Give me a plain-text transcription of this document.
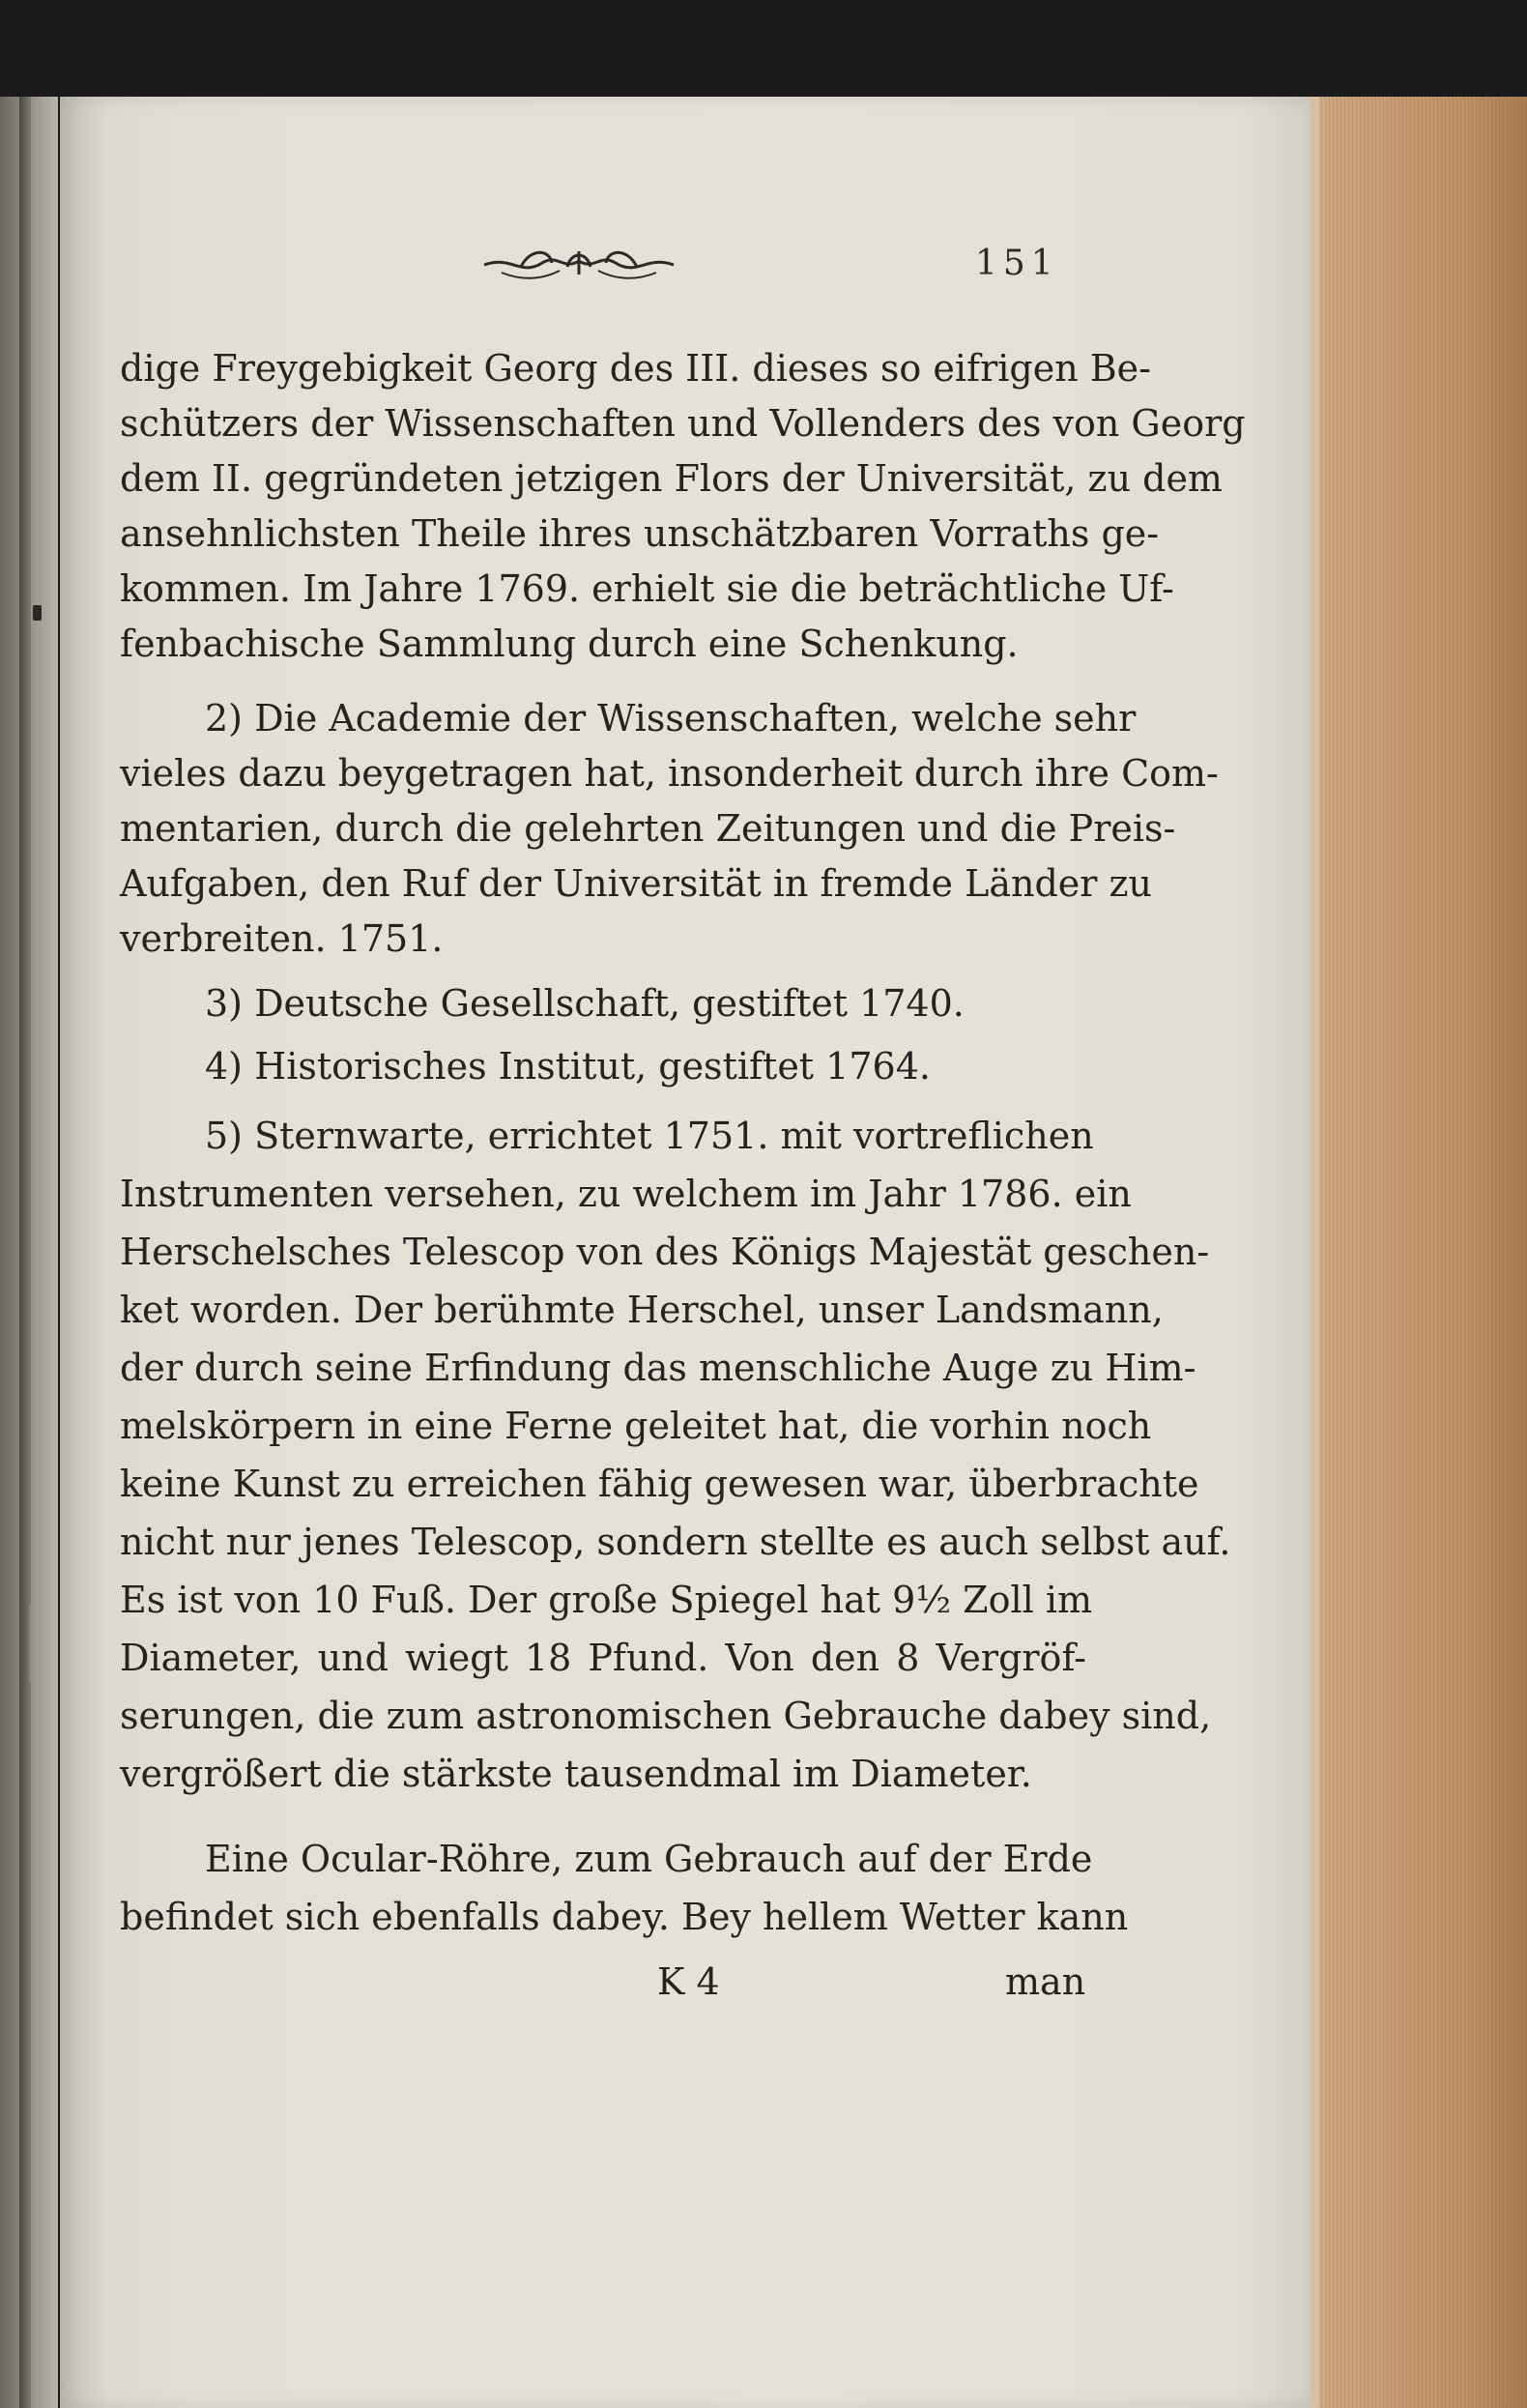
151
dige Freygebigkeit Georg des III. dieses so eifrigen Be-
schützers der Wissenschaften und Vollenders des von Georg
dem II. gegründeten jetzigen Flors der Universität, zu dem
ansehnlichsten Theile ihres unschätzbaren Vorraths ge-
kommen. Im Jahre 1769. erhielt sie die beträchtliche Uf-
fenbachische Sammlung durch eine Schenkung.
2) Die Academie der Wissenschaften, welche sehr
vieles dazu beygetragen hat, insonderheit durch ihre Com-
mentarien, durch die gelehrten Zeitungen und die Preis-
Aufgaben, den Ruf der Universität in fremde Länder zu
verbreiten. 1751.
3) Deutsche Gesellschaft, gestiftet 1740.
4) Historisches Institut, gestiftet 1764.
5) Sternwarte, errichtet 1751. mit vortreflichen
Instrumenten versehen, zu welchem im Jahr 1786. ein
Herschelsches Telescop von des Königs Majestät geschen-
ket worden. Der berühmte Herschel, unser Landsmann,
der durch seine Erfindung das menschliche Auge zu Him-
melskörpern in eine Ferne geleitet hat, die vorhin noch
keine Kunst zu erreichen fähig gewesen war, überbrachte
nicht nur jenes Telescop, sondern stellte es auch selbst auf.
Es ist von 10 Fuß. Der große Spiegel hat 9½ Zoll im
Diameter, und wiegt 18 Pfund. Von den 8 Vergröf-
serungen, die zum astronomischen Gebrauche dabey sind,
vergrößert die stärkste tausendmal im Diameter.
Eine Ocular-Röhre, zum Gebrauch auf der Erde
befindet sich ebenfalls dabey. Bey hellem Wetter kann
K 4	man
